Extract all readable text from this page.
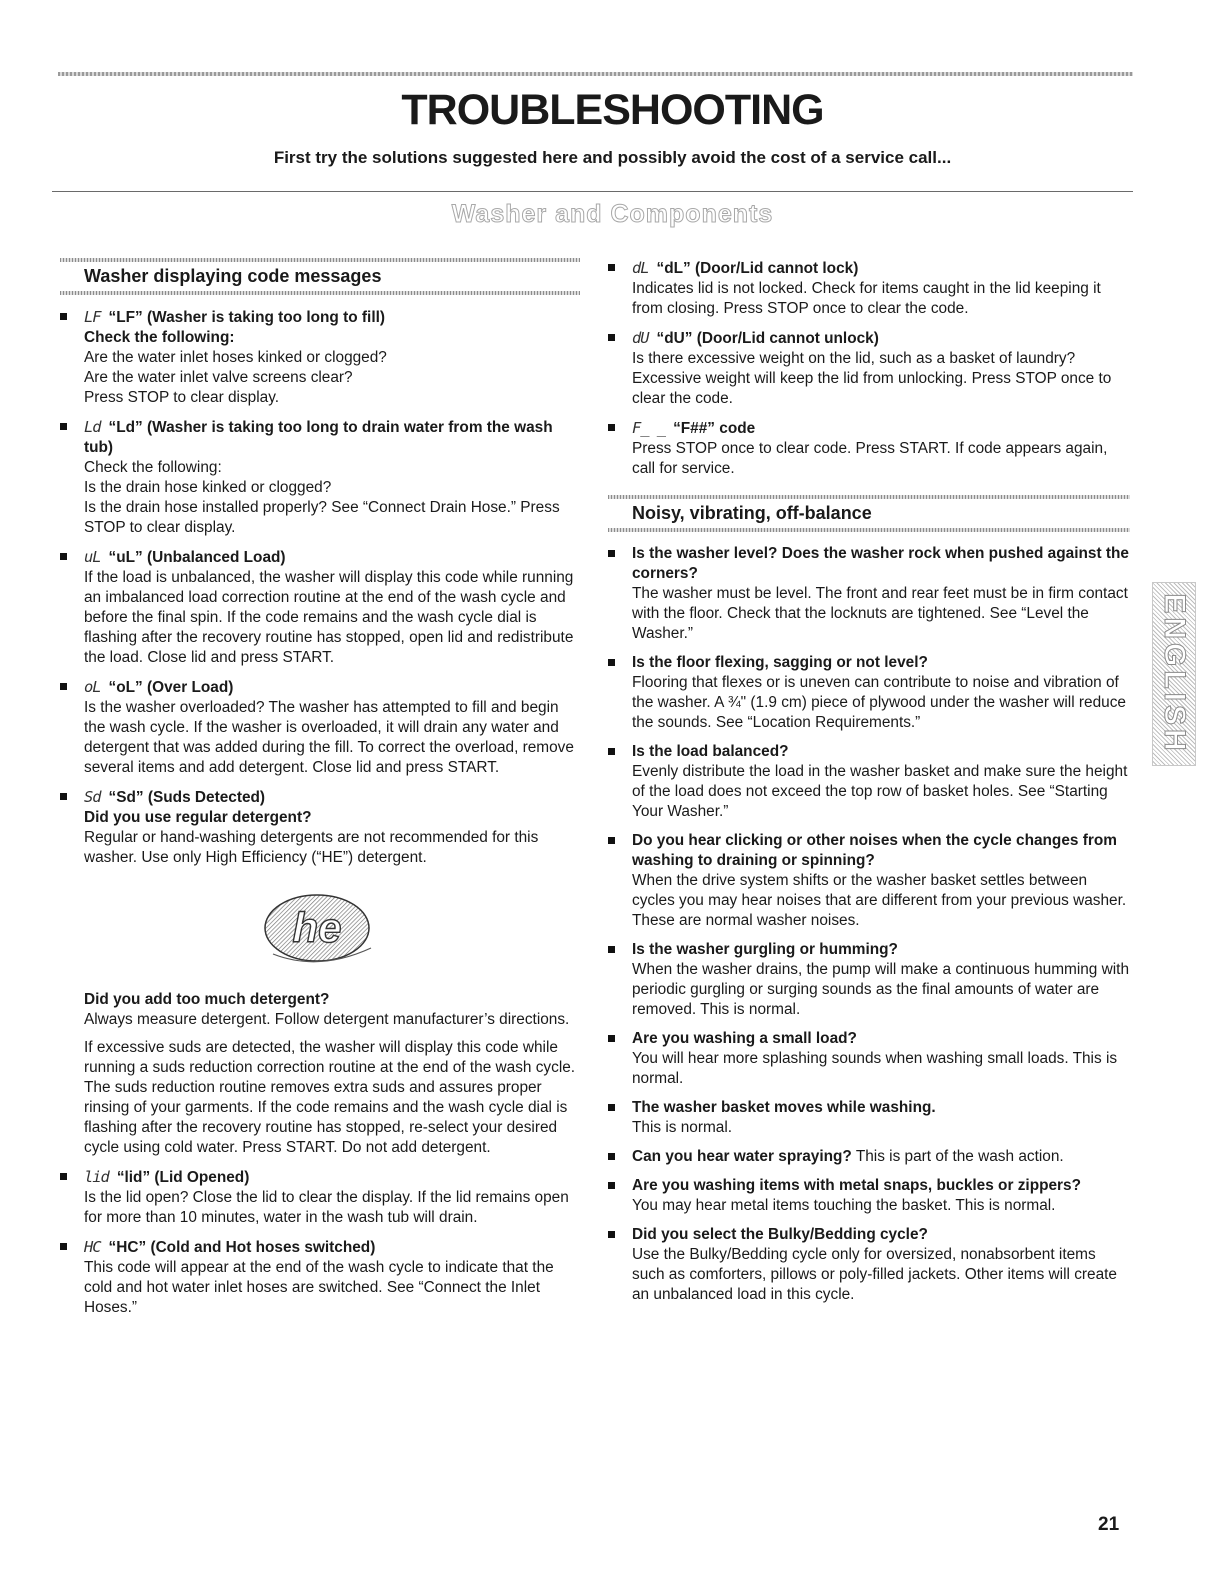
TROUBLESHOOTING

First try the solutions suggested here and possibly avoid the cost of a service call...

Washer and Components
Washer displaying code messages
LF “LF” (Washer is taking too long to fill)
Check the following:
Are the water inlet hoses kinked or clogged?
Are the water inlet valve screens clear?
Press STOP to clear display.
Ld “Ld” (Washer is taking too long to drain water from the wash tub)
Check the following:
Is the drain hose kinked or clogged?
Is the drain hose installed properly? See “Connect Drain Hose.” Press STOP to clear display.
uL “uL” (Unbalanced Load)
If the load is unbalanced, the washer will display this code while running an imbalanced load correction routine at the end of the wash cycle and before the final spin. If the code remains and the wash cycle dial is flashing after the recovery routine has stopped, open lid and redistribute the load. Close lid and press START.
oL “oL” (Over Load)
Is the washer overloaded? The washer has attempted to fill and begin the wash cycle. If the washer is overloaded, it will drain any water and detergent that was added during the fill. To correct the overload, remove several items and add detergent. Close lid and press START.
Sd “Sd” (Suds Detected)
Did you use regular detergent?
Regular or hand-washing detergents are not recommended for this washer. Use only High Efficiency (“HE”) detergent.
he
Did you add too much detergent?
Always measure detergent. Follow detergent manufacturer’s directions.
If excessive suds are detected, the washer will display this code while running a suds reduction correction routine at the end of the wash cycle. The suds reduction routine removes extra suds and assures proper rinsing of your garments. If the code remains and the wash cycle dial is flashing after the recovery routine has stopped, re-select your desired cycle using cold water. Press START. Do not add detergent.
lid “lid” (Lid Opened)
Is the lid open? Close the lid to clear the display. If the lid remains open for more than 10 minutes, water in the wash tub will drain.
HC “HC” (Cold and Hot hoses switched)
This code will appear at the end of the wash cycle to indicate that the cold and hot water inlet hoses are switched. See “Connect the Inlet Hoses.”
dL “dL” (Door/Lid cannot lock)
Indicates lid is not locked. Check for items caught in the lid keeping it from closing. Press STOP once to clear the code.
dU “dU” (Door/Lid cannot unlock)
Is there excessive weight on the lid, such as a basket of laundry? Excessive weight will keep the lid from unlocking. Press STOP once to clear the code.
F_ _ “F##” code
Press STOP once to clear code. Press START. If code appears again, call for service.
Noisy, vibrating, off-balance
Is the washer level? Does the washer rock when pushed against the corners?
The washer must be level. The front and rear feet must be in firm contact with the floor. Check that the locknuts are tightened. See “Level the Washer.”
Is the floor flexing, sagging or not level?
Flooring that flexes or is uneven can contribute to noise and vibration of the washer. A ¾" (1.9 cm) piece of plywood under the washer will reduce the sounds. See “Location Requirements.”
Is the load balanced?
Evenly distribute the load in the washer basket and make sure the height of the load does not exceed the top row of basket holes. See “Starting Your Washer.”
Do you hear clicking or other noises when the cycle changes from washing to draining or spinning?
When the drive system shifts or the washer basket settles between cycles you may hear noises that are different from your previous washer. These are normal washer noises.
Is the washer gurgling or humming?
When the washer drains, the pump will make a continuous humming with periodic gurgling or surging sounds as the final amounts of water are removed. This is normal.
Are you washing a small load?
You will hear more splashing sounds when washing small loads. This is normal.
The washer basket moves while washing.
This is normal.
Can you hear water spraying? This is part of the wash action.
Are you washing items with metal snaps, buckles or zippers?
You may hear metal items touching the basket. This is normal.
Did you select the Bulky/Bedding cycle?
Use the Bulky/Bedding cycle only for oversized, nonabsorbent items such as comforters, pillows or poly-filled jackets. Other items will create an unbalanced load in this cycle.
ENGLISH

21
